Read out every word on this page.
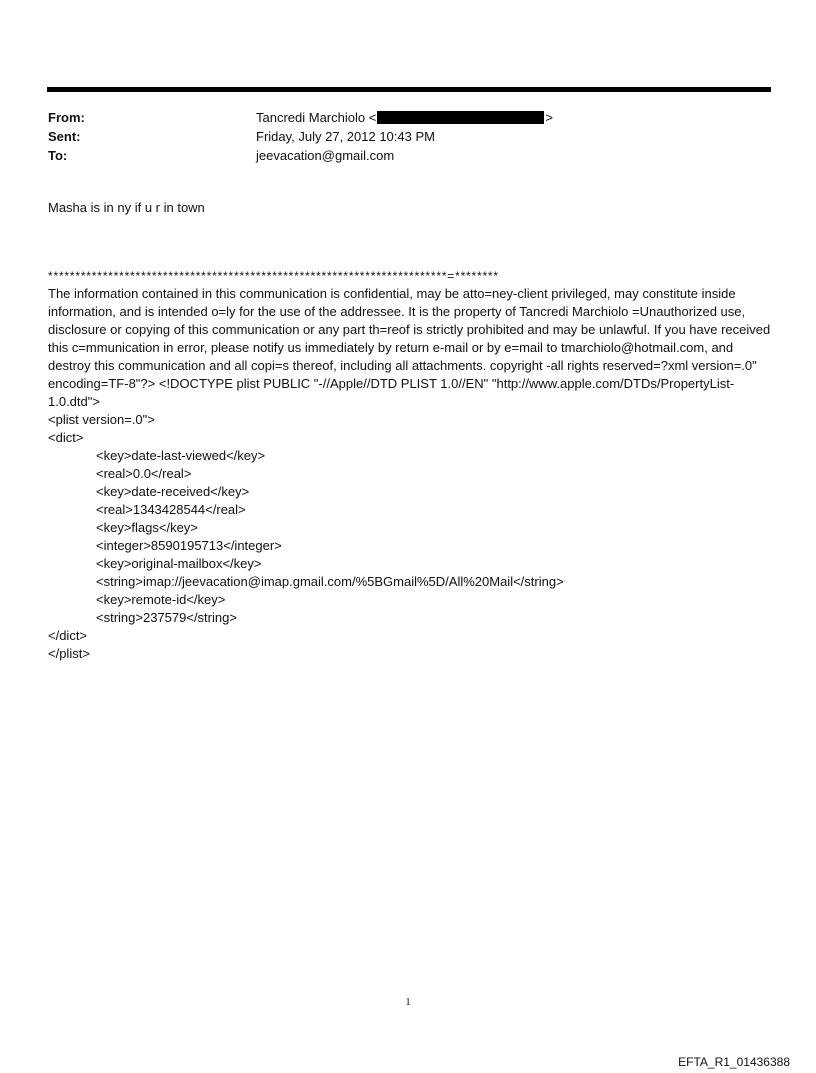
From:	Tancredi Marchiolo <	>
Sent:	Friday, July 27, 2012 10:43 PM
To:	jeevacation@gmail.com
Masha is in ny if u r in town
*************************************************************************=********

The information contained in this communication is confidential, may be atto=ney-client privileged, may constitute inside information, and is intended o=ly for the use of the addressee. It is the property of Tancredi Marchiolo =Unauthorized use, disclosure or copying of this communication or any part th=reof is strictly prohibited and may be unlawful. If you have received this c=mmunication in error, please notify us immediately by return e-mail or by e=mail to tmarchiolo@hotmail.com, and destroy this communication and all copi=s thereof, including all attachments. copyright -all rights reserved=?xml version=.0" encoding=TF-8"?> <!DOCTYPE plist PUBLIC "-//Apple//DTD PLIST 1.0//EN" "http://www.apple.com/DTDs/PropertyList-1.0.dtd">

<plist version=.0">
<dict>
<key>date-last-viewed</key>
<real>0.0</real>
<key>date-received</key>
<real>1343428544</real>
<key>flags</key>
<integer>8590195713</integer>
<key>original-mailbox</key>
<string>imap://jeevacation@imap.gmail.com/%5BGmail%5D/All%20Mail</string>
<key>remote-id</key>
<string>237579</string>
</dict>
</plist>
1
EFTA_R1_01436388
